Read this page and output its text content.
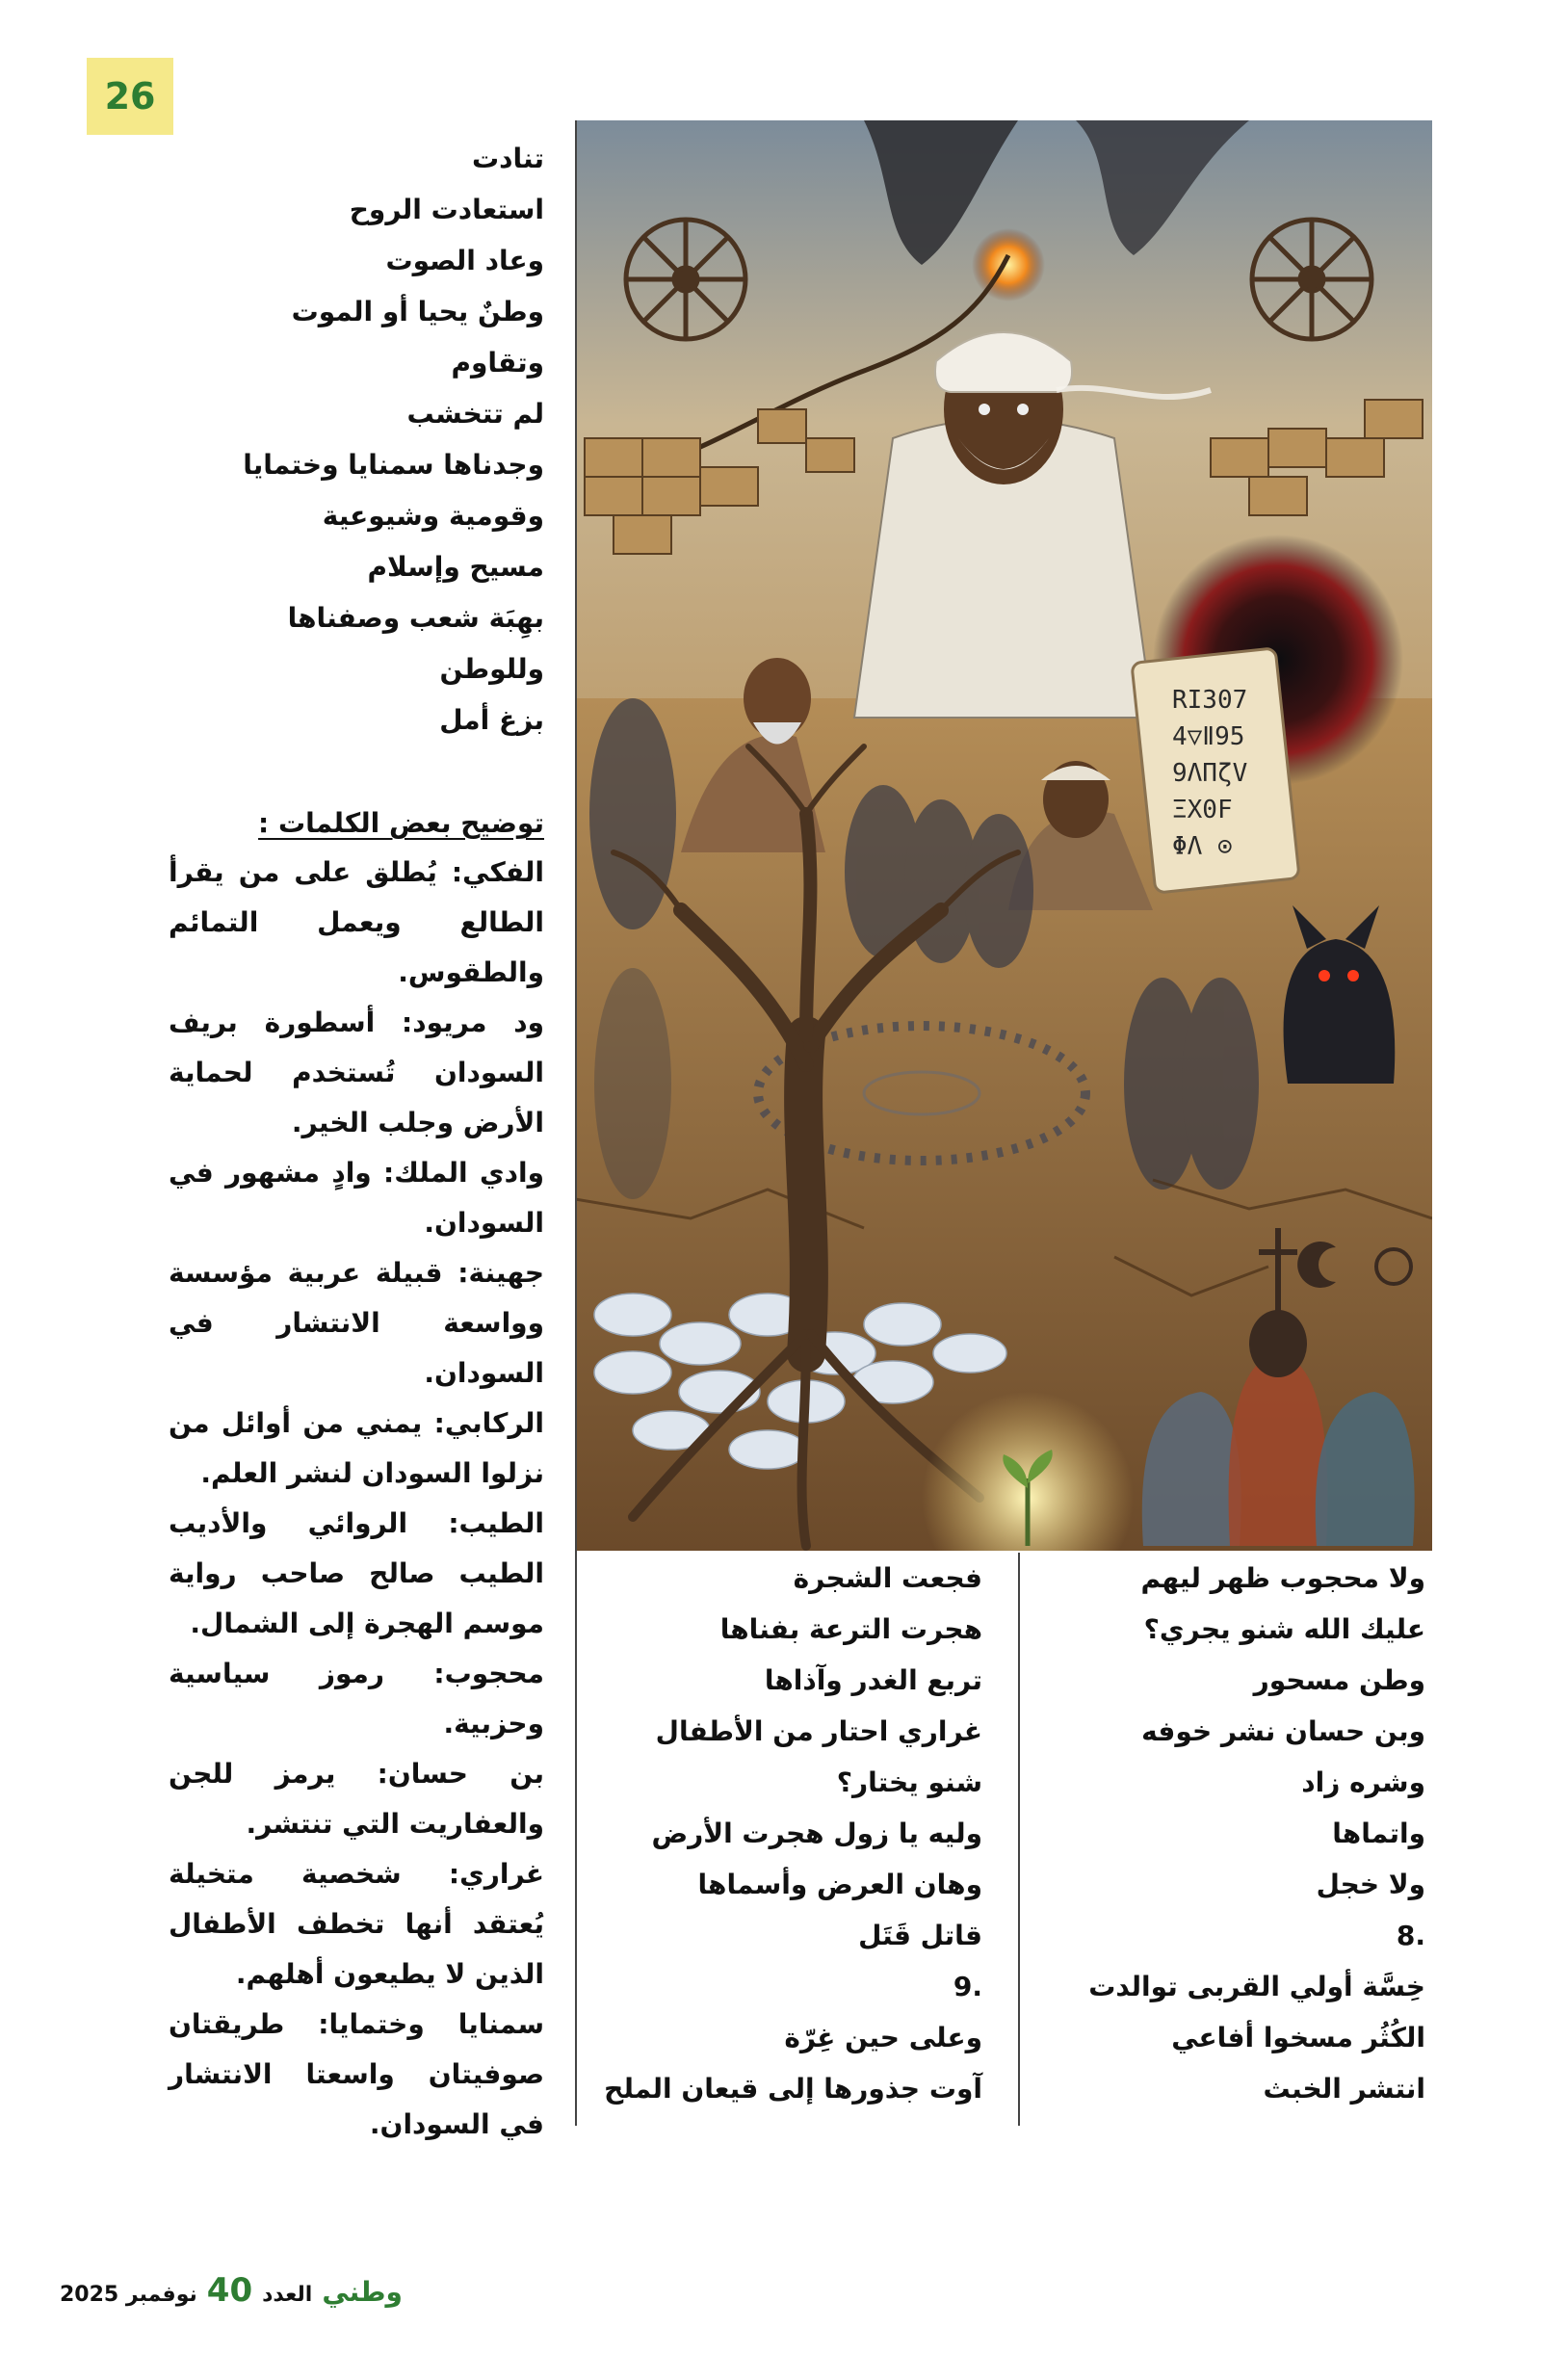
26
تنادت
استعادت الروح
وعاد الصوت
وطنٌ يحيا أو الموت
وتقاوم
لم تتخشب
وجدناها سمنايا وختمايا
وقومية وشيوعية
مسيح وإسلام
بهِبَة شعب وصفناها
وللوطن
بزغ أمل
توضيح بعض الكلمات :
الفكي: يُطلق على من يقرأ الطالع ويعمل التمائم والطقوس.
ود مريود: أسطورة بريف السودان تُستخدم لحماية الأرض وجلب الخير.
وادي الملك: وادٍ مشهور في السودان.
جهينة: قبيلة عربية مؤسسة وواسعة الانتشار في السودان.
الركابي: يمني من أوائل من نزلوا السودان لنشر العلم.
الطيب: الروائي والأديب الطيب صالح صاحب رواية موسم الهجرة إلى الشمال.
محجوب: رموز سياسية وحزبية.
بن حسان: يرمز للجن والعفاريت التي تنتشر.
غراري: شخصية متخيلة يُعتقد أنها تخطف الأطفال الذين لا يطيعون أهلهم.
سمنايا وختمايا: طريقتان صوفيتان واسعتا الانتشار في السودان.
RI307
4▽Ⅱ95
9ΛΠζV
ΞΧ0F
ΦΛ ⊙
فجعت الشجرة
هجرت الترعة بفناها
تربع الغدر وآذاها
غراري احتار من الأطفال
شنو يختار؟
وليه يا زول هجرت الأرض
وهان العرض وأسماها
قاتل قَتَل
.9
وعلى حين غِرّة
آوت جذورها إلى قيعان الملح
ولا محجوب ظهر ليهم
عليك الله شنو يجري؟
وطن مسحور
وبن حسان نشر خوفه
وشره زاد
واتماها
ولا خجل
.8
خِسَّة أولي القربى توالدت
الكُثُر مسخوا أفاعي
انتشر الخبث
وطني
العدد
40
نوفمبر 2025
